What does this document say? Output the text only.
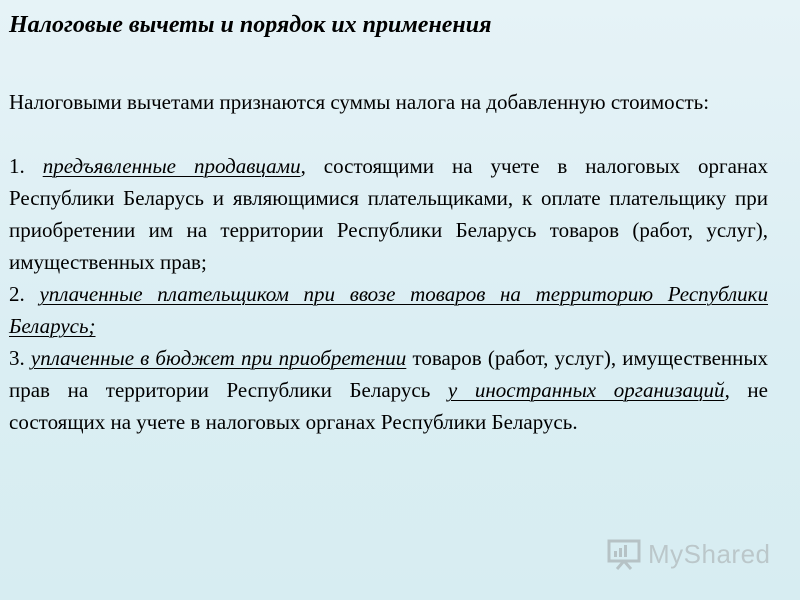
Налоговые вычеты и порядок их применения

Налоговыми вычетами признаются суммы налога на добавленную стоимость:

1. предъявленные продавцами, состоящими на учете в налоговых органах Республики Беларусь и являющимися плательщиками, к оплате плательщику при приобретении им на территории Республики Беларусь товаров (работ, услуг), имущественных прав;

2. уплаченные плательщиком при ввозе товаров на территорию Республики Беларусь;

3. уплаченные в бюджет при приобретении товаров (работ, услуг), имущественных прав на территории Республики Беларусь у иностранных организаций, не состоящих на учете в налоговых органах Республики Беларусь.

MyShared
